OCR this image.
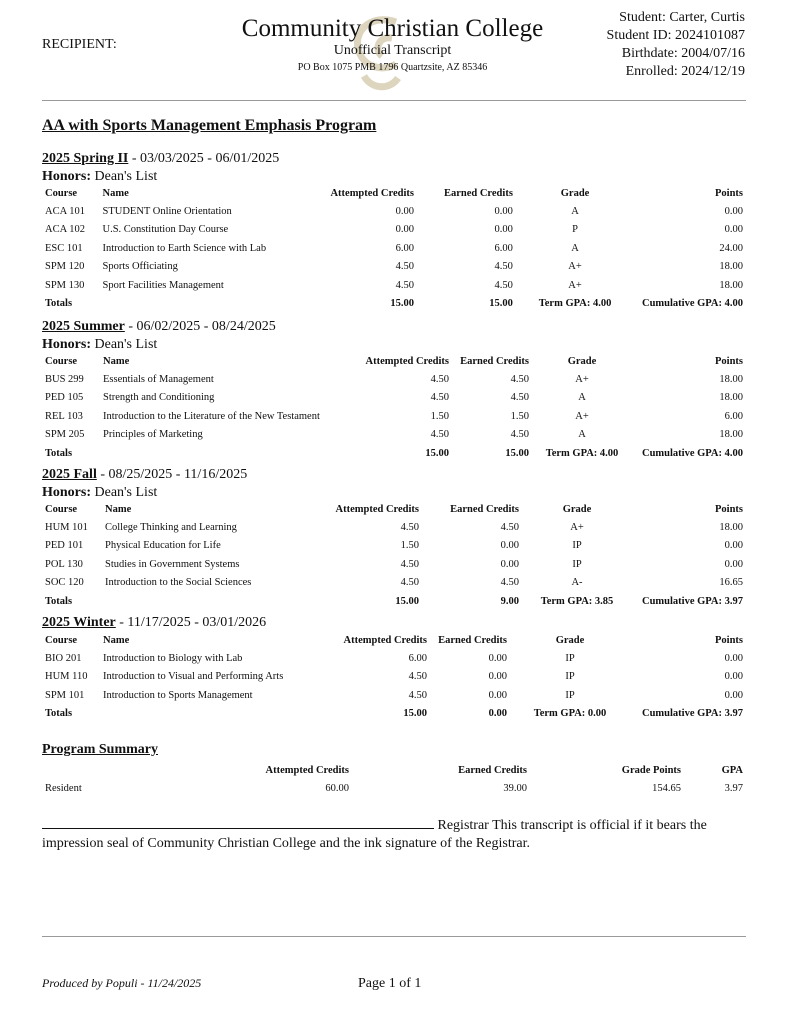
RECIPIENT:
Community Christian College
Unofficial Transcript
PO Box 1075 PMB 1796 Quartzsite, AZ 85346
Student: Carter, Curtis
Student ID: 2024101087
Birthdate: 2004/07/16
Enrolled: 2024/12/19
AA with Sports Management Emphasis Program
2025 Spring II - 03/03/2025 - 06/01/2025
Honors: Dean's List
Course	Name	Attempted Credits	Earned Credits	Grade	Points
ACA 101	STUDENT Online Orientation	0.00	0.00	A	0.00
ACA 102	U.S. Constitution Day Course	0.00	0.00	P	0.00
ESC 101	Introduction to Earth Science with Lab	6.00	6.00	A	24.00
SPM 120	Sports Officiating	4.50	4.50	A+	18.00
SPM 130	Sport Facilities Management	4.50	4.50	A+	18.00
Totals		15.00	15.00	Term GPA: 4.00	Cumulative GPA: 4.00
2025 Summer - 06/02/2025 - 08/24/2025
Honors: Dean's List
Course	Name	Attempted Credits	Earned Credits	Grade	Points
BUS 299	Essentials of Management	4.50	4.50	A+	18.00
PED 105	Strength and Conditioning	4.50	4.50	A	18.00
REL 103	Introduction to the Literature of the New Testament	1.50	1.50	A+	6.00
SPM 205	Principles of Marketing	4.50	4.50	A	18.00
Totals		15.00	15.00	Term GPA: 4.00	Cumulative GPA: 4.00
2025 Fall - 08/25/2025 - 11/16/2025
Honors: Dean's List
Course	Name	Attempted Credits	Earned Credits	Grade	Points
HUM 101	College Thinking and Learning	4.50	4.50	A+	18.00
PED 101	Physical Education for Life	1.50	0.00	IP	0.00
POL 130	Studies in Government Systems	4.50	0.00	IP	0.00
SOC 120	Introduction to the Social Sciences	4.50	4.50	A-	16.65
Totals		15.00	9.00	Term GPA: 3.85	Cumulative GPA: 3.97
2025 Winter - 11/17/2025 - 03/01/2026
Course	Name	Attempted Credits	Earned Credits	Grade	Points
BIO 201	Introduction to Biology with Lab	6.00	0.00	IP	0.00
HUM 110	Introduction to Visual and Performing Arts	4.50	0.00	IP	0.00
SPM 101	Introduction to Sports Management	4.50	0.00	IP	0.00
Totals		15.00	0.00	Term GPA: 0.00	Cumulative GPA: 3.97
Program Summary
	Attempted Credits	Earned Credits	Grade Points	GPA
Resident	60.00	39.00	154.65	3.97
Registrar This transcript is official if it bears the impression seal of Community Christian College and the ink signature of the Registrar.
Produced by Populi - 11/24/2025	Page 1 of 1
